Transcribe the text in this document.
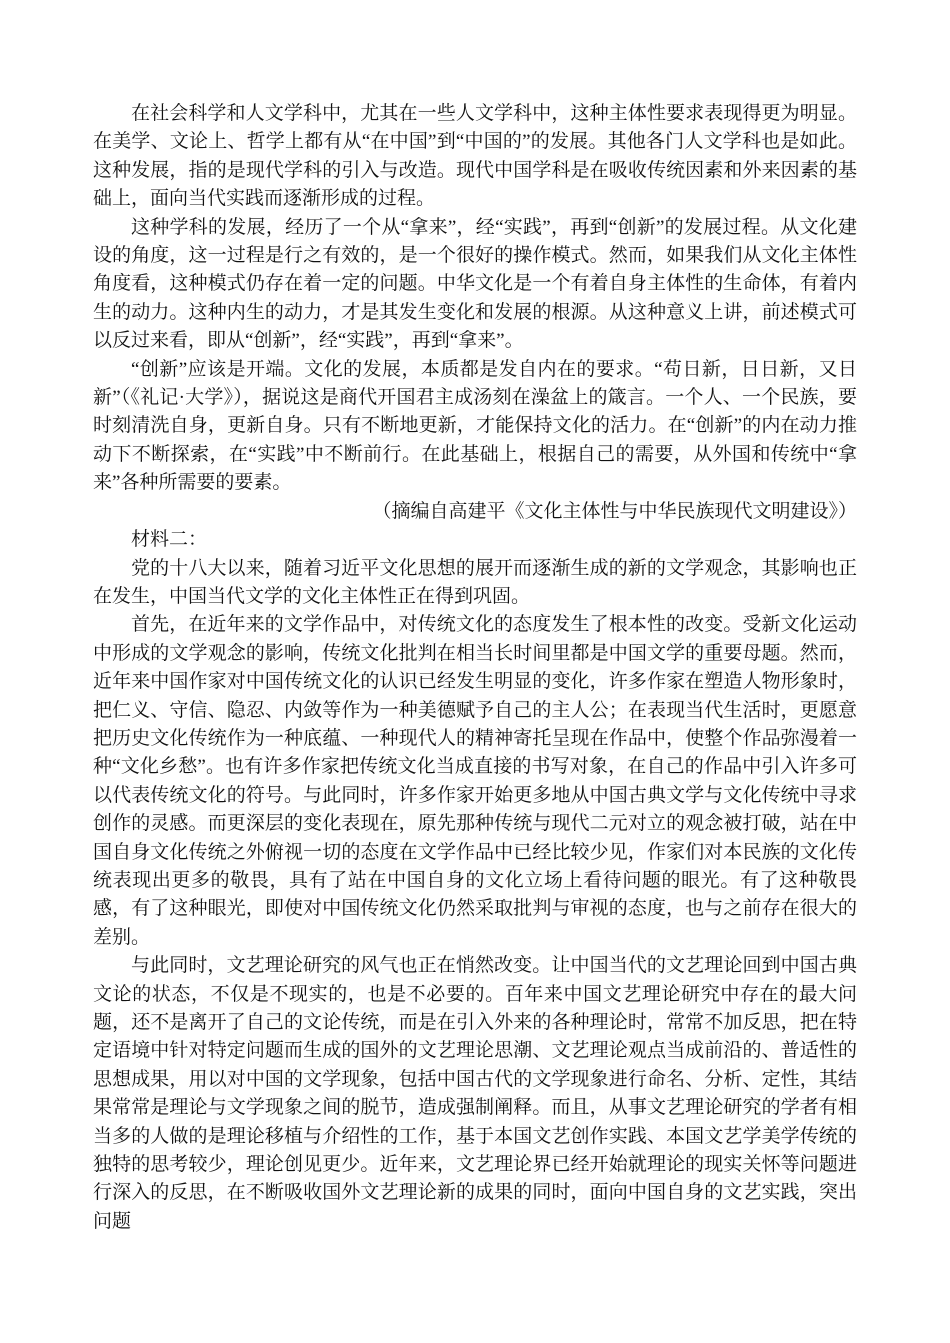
在社会科学和人文学科中，尤其在一些人文学科中，这种主体性要求表现得更为明显。在美学、文论上、哲学上都有从“在中国”到“中国的”的发展。其他各门人文学科也是如此。这种发展，指的是现代学科的引入与改造。现代中国学科是在吸收传统因素和外来因素的基础上，面向当代实践而逐渐形成的过程。

这种学科的发展，经历了一个从“拿来”，经“实践”，再到“创新”的发展过程。从文化建设的角度，这一过程是行之有效的，是一个很好的操作模式。然而，如果我们从文化主体性角度看，这种模式仍存在着一定的问题。中华文化是一个有着自身主体性的生命体，有着内生的动力。这种内生的动力，才是其发生变化和发展的根源。从这种意义上讲，前述模式可以反过来看，即从“创新”，经“实践”，再到“拿来”。

“创新”应该是开端。文化的发展，本质都是发自内在的要求。“苟日新，日日新，又日新”（《礼记·大学》），据说这是商代开国君主成汤刻在澡盆上的箴言。一个人、一个民族，要时刻清洗自身，更新自身。只有不断地更新，才能保持文化的活力。在“创新”的内在动力推动下不断探索，在“实践”中不断前行。在此基础上，根据自己的需要，从外国和传统中“拿来”各种所需要的要素。

（摘编自高建平《文化主体性与中华民族现代文明建设》）

材料二：

党的十八大以来，随着习近平文化思想的展开而逐渐生成的新的文学观念，其影响也正在发生，中国当代文学的文化主体性正在得到巩固。

首先，在近年来的文学作品中，对传统文化的态度发生了根本性的改变。受新文化运动中形成的文学观念的影响，传统文化批判在相当长时间里都是中国文学的重要母题。然而，近年来中国作家对中国传统文化的认识已经发生明显的变化，许多作家在塑造人物形象时，把仁义、守信、隐忍、内敛等作为一种美德赋予自己的主人公；在表现当代生活时，更愿意把历史文化传统作为一种底蕴、一种现代人的精神寄托呈现在作品中，使整个作品弥漫着一种“文化乡愁”。也有许多作家把传统文化当成直接的书写对象，在自己的作品中引入许多可以代表传统文化的符号。与此同时，许多作家开始更多地从中国古典文学与文化传统中寻求创作的灵感。而更深层的变化表现在，原先那种传统与现代二元对立的观念被打破，站在中国自身文化传统之外俯视一切的态度在文学作品中已经比较少见，作家们对本民族的文化传统表现出更多的敬畏，具有了站在中国自身的文化立场上看待问题的眼光。有了这种敬畏感，有了这种眼光，即使对中国传统文化仍然采取批判与审视的态度，也与之前存在很大的差别。

与此同时，文艺理论研究的风气也正在悄然改变。让中国当代的文艺理论回到中国古典文论的状态，不仅是不现实的，也是不必要的。百年来中国文艺理论研究中存在的最大问题，还不是离开了自己的文论传统，而是在引入外来的各种理论时，常常不加反思，把在特定语境中针对特定问题而生成的国外的文艺理论思潮、文艺理论观点当成前沿的、普适性的思想成果，用以对中国的文学现象，包括中国古代的文学现象进行命名、分析、定性，其结果常常是理论与文学现象之间的脱节，造成强制阐释。而且，从事文艺理论研究的学者有相当多的人做的是理论移植与介绍性的工作，基于本国文艺创作实践、本国文艺学美学传统的独特的思考较少，理论创见更少。近年来，文艺理论界已经开始就理论的现实关怀等问题进行深入的反思，在不断吸收国外文艺理论新的成果的同时，面向中国自身的文艺实践，突出问题
